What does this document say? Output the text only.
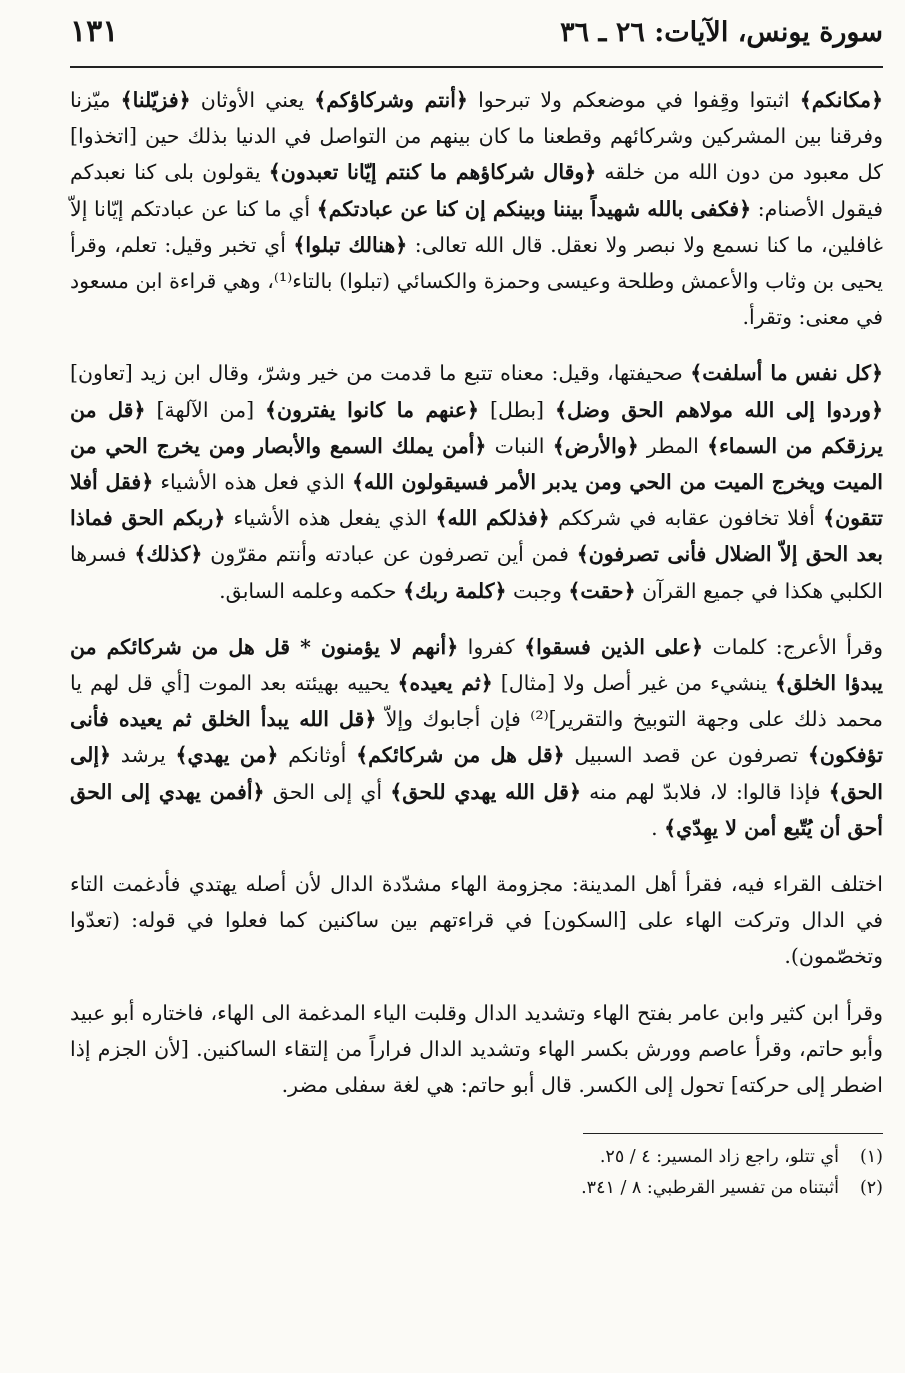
سورة يونس، الآيات: ٢٦ ـ ٣٦
١٣١

﴿مكانكم﴾ اثبتوا وقِفوا في موضعكم ولا تبرحوا ﴿أنتم وشركاؤكم﴾ يعني الأوثان ﴿فزيّلنا﴾ ميّزنا وفرقنا بين المشركين وشركائهم وقطعنا ما كان بينهم من التواصل في الدنيا بذلك حين [اتخذوا] كل معبود من دون الله من خلقه ﴿وقال شركاؤهم ما كنتم إيّانا تعبدون﴾ يقولون بلى كنا نعبدكم فيقول الأصنام: ﴿فكفى بالله شهيداً بيننا وبينكم إن كنا عن عبادتكم﴾ أي ما كنا عن عبادتكم إيّانا إلاّ غافلين، ما كنا نسمع ولا نبصر ولا نعقل. قال الله تعالى: ﴿هنالك تبلوا﴾ أي تخبر وقيل: تعلم، وقرأ يحيى بن وثاب والأعمش وطلحة وعيسى وحمزة والكسائي (تبلوا) بالتاء⁽¹⁾، وهي قراءة ابن مسعود في معنى: وتقرأ.

﴿كل نفس ما أسلفت﴾ صحيفتها، وقيل: معناه تتبع ما قدمت من خير وشرّ، وقال ابن زيد [تعاون] ﴿وردوا إلى الله مولاهم الحق وضل﴾ [بطل] ﴿عنهم ما كانوا يفترون﴾ [من الآلهة] ﴿قل من يرزقكم من السماء﴾ المطر ﴿والأرض﴾ النبات ﴿أمن يملك السمع والأبصار ومن يخرج الحي من الميت ويخرج الميت من الحي ومن يدبر الأمر فسيقولون الله﴾ الذي فعل هذه الأشياء ﴿فقل أفلا تتقون﴾ أفلا تخافون عقابه في شرككم ﴿فذلكم الله﴾ الذي يفعل هذه الأشياء ﴿ربكم الحق فماذا بعد الحق إلاّ الضلال فأنى تصرفون﴾ فمن أين تصرفون عن عبادته وأنتم مقرّون ﴿كذلك﴾ فسرها الكلبي هكذا في جميع القرآن ﴿حقت﴾ وجبت ﴿كلمة ربك﴾ حكمه وعلمه السابق.

وقرأ الأعرج: كلمات ﴿على الذين فسقوا﴾ كفروا ﴿أنهم لا يؤمنون * قل هل من شركائكم من يبدؤا الخلق﴾ ينشيء من غير أصل ولا [مثال] ﴿ثم يعيده﴾ يحييه بهيئته بعد الموت [أي قل لهم يا محمد ذلك على وجهة التوبيخ والتقرير]⁽²⁾ فإن أجابوك وإلاّ ﴿قل الله يبدأ الخلق ثم يعيده فأنى تؤفكون﴾ تصرفون عن قصد السبيل ﴿قل هل من شركائكم﴾ أوثانكم ﴿من يهدي﴾ يرشد ﴿إلى الحق﴾ فإذا قالوا: لا، فلابدّ لهم منه ﴿قل الله يهدي للحق﴾ أي إلى الحق ﴿أفمن يهدي إلى الحق أحق أن يُتّبع أمن لا يهِدّي﴾ .

اختلف القراء فيه، فقرأ أهل المدينة: مجزومة الهاء مشدّدة الدال لأن أصله يهتدي فأدغمت التاء في الدال وتركت الهاء على [السكون] في قراءتهم بين ساكنين كما فعلوا في قوله: (تعدّوا وتخصّمون).

وقرأ ابن كثير وابن عامر بفتح الهاء وتشديد الدال وقلبت الياء المدغمة الى الهاء، فاختاره أبو عبيد وأبو حاتم، وقرأ عاصم وورش بكسر الهاء وتشديد الدال فراراً من إلتقاء الساكنين. [لأن الجزم إذا اضطر إلى حركته] تحول إلى الكسر. قال أبو حاتم: هي لغة سفلى مضر.

(١)
أي تتلو، راجع زاد المسير: ٤ / ٢٥.
(٢)
أثبتناه من تفسير القرطبي: ٨ / ٣٤١.
